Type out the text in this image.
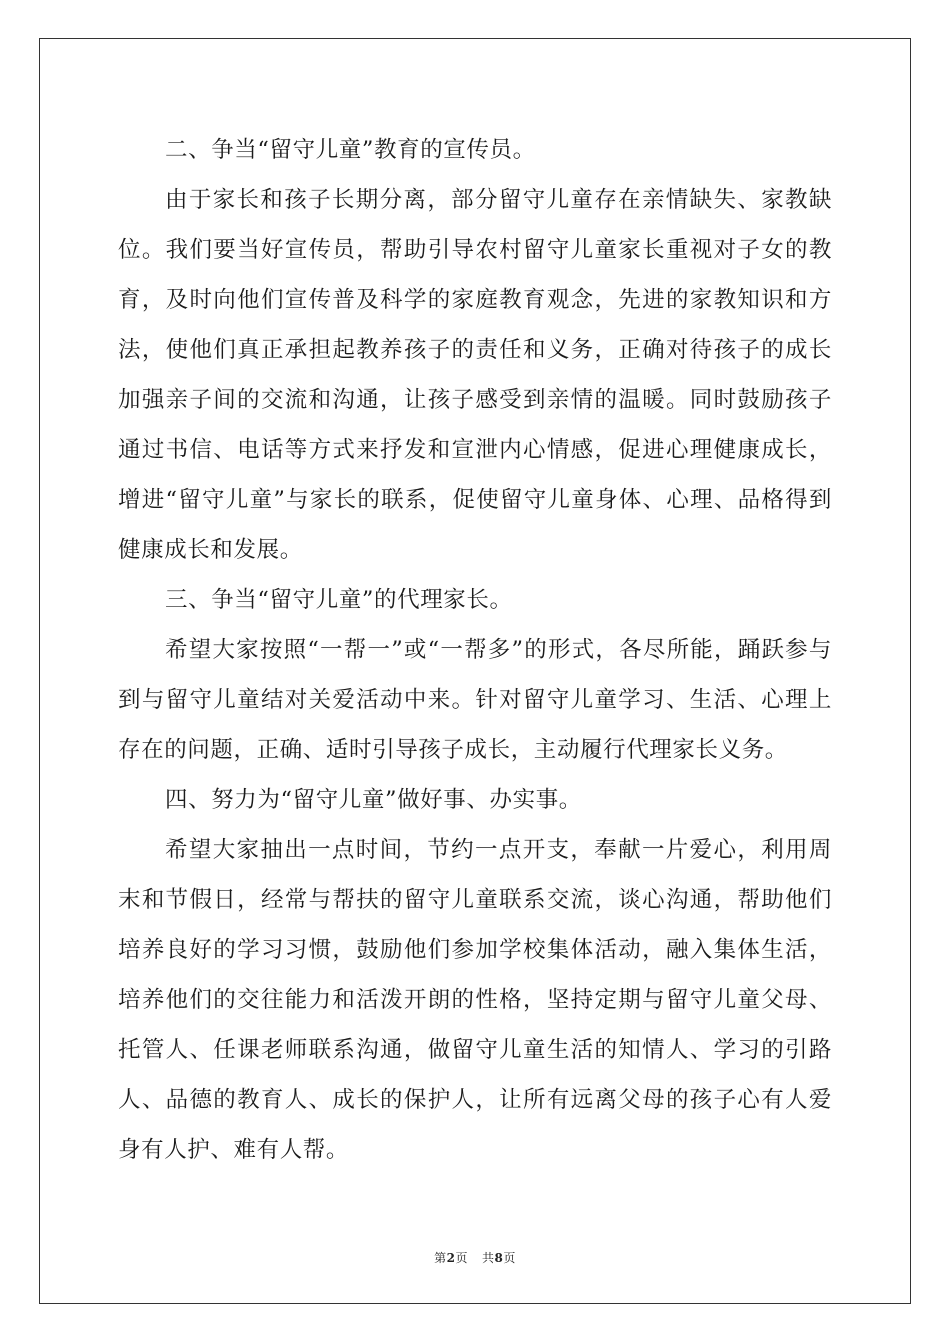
二、争当“留守儿童”教育的宣传员。

由于家长和孩子长期分离，部分留守儿童存在亲情缺失、家教缺位。我们要当好宣传员，帮助引导农村留守儿童家长重视对子女的教育，及时向他们宣传普及科学的家庭教育观念，先进的家教知识和方法，使他们真正承担起教养孩子的责任和义务，正确对待孩子的成长加强亲子间的交流和沟通，让孩子感受到亲情的温暖。同时鼓励孩子通过书信、电话等方式来抒发和宣泄内心情感，促进心理健康成长，增进“留守儿童”与家长的联系，促使留守儿童身体、心理、品格得到健康成长和发展。

三、争当“留守儿童”的代理家长。

希望大家按照“一帮一”或“一帮多”的形式，各尽所能，踊跃参与到与留守儿童结对关爱活动中来。针对留守儿童学习、生活、心理上存在的问题，正确、适时引导孩子成长，主动履行代理家长义务。

四、努力为“留守儿童”做好事、办实事。

希望大家抽出一点时间，节约一点开支，奉献一片爱心，利用周末和节假日，经常与帮扶的留守儿童联系交流，谈心沟通，帮助他们培养良好的学习习惯，鼓励他们参加学校集体活动，融入集体生活，培养他们的交往能力和活泼开朗的性格，坚持定期与留守儿童父母、托管人、任课老师联系沟通，做留守儿童生活的知情人、学习的引路人、品德的教育人、成长的保护人，让所有远离父母的孩子心有人爱身有人护、难有人帮。

第2页 共8页
